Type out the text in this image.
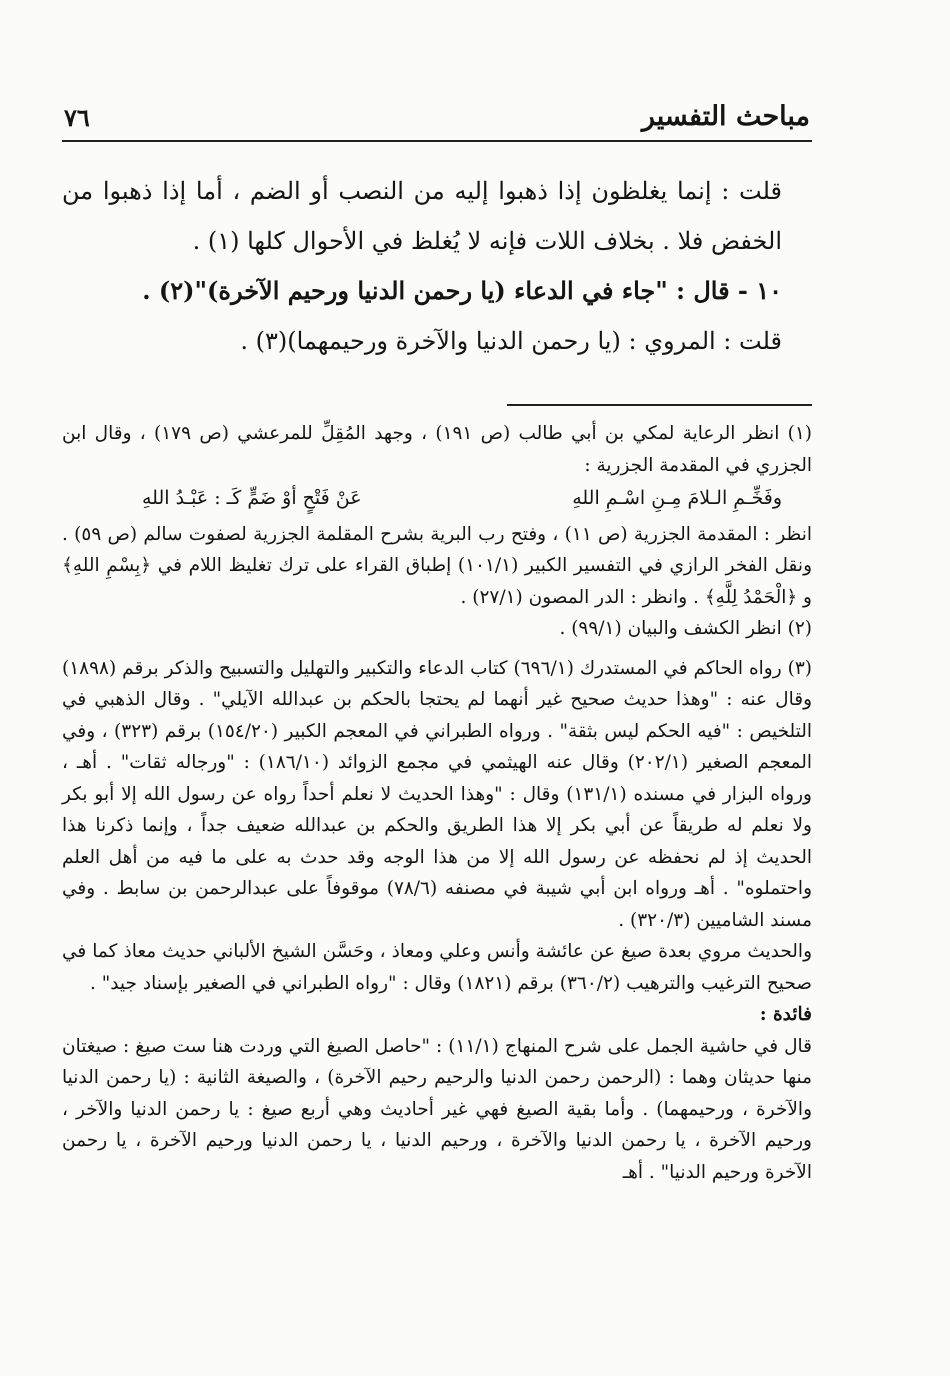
مباحث التفسير
٧٦

قلت : إنما يغلظون إذا ذهبوا إليه من النصب أو الضم ، أما إذا ذهبوا من الخفض فلا . بخلاف اللات فإنه لا يُغلظ في الأحوال كلها (١) .

١٠ - قال : "جاء في الدعاء (يا رحمن الدنيا ورحيم الآخرة)"(٢) .

قلت : المروي : (يا رحمن الدنيا والآخرة ورحيمهما)(٣) .

(١) انظر الرعاية لمكي بن أبي طالب (ص ١٩١) ، وجهد المُقِلِّ للمرعشي (ص ١٧٩) ، وقال ابن الجزري في المقدمة الجزرية :

وفَخِّـمِ الـلامَ مِـنِ اسْـمِ اللهِ
عَنْ فَتْحٍ أوْ ضَمٍّ كَـ : عَبْـدُ اللهِ

انظر : المقدمة الجزرية (ص ١١) ، وفتح رب البرية بشرح المقلمة الجزرية لصفوت سالم (ص ٥٩) . ونقل الفخر الرازي في التفسير الكبير (١٠١/١) إطباق القراء على ترك تغليظ اللام في ﴿بِسْمِ اللهِ﴾ و ﴿الْحَمْدُ لِلَّهِ﴾ . وانظر : الدر المصون (٢٧/١) .

(٢) انظر الكشف والبيان (٩٩/١) .

(٣) رواه الحاكم في المستدرك (٦٩٦/١) كتاب الدعاء والتكبير والتهليل والتسبيح والذكر برقم (١٨٩٨) وقال عنه : "وهذا حديث صحيح غير أنهما لم يحتجا بالحكم بن عبدالله الآيلي" . وقال الذهبي في التلخيص : "فيه الحكم ليس بثقة" . ورواه الطبراني في المعجم الكبير (١٥٤/٢٠) برقم (٣٢٣) ، وفي المعجم الصغير (٢٠٢/١) وقال عنه الهيثمي في مجمع الزوائد (١٨٦/١٠) : "ورجاله ثقات" . أهـ ، ورواه البزار في مسنده (١٣١/١) وقال : "وهذا الحديث لا نعلم أحداً رواه عن رسول الله إلا أبو بكر ولا نعلم له طريقاً عن أبي بكر إلا هذا الطريق والحكم بن عبدالله ضعيف جداً ، وإنما ذكرنا هذا الحديث إذ لم نحفظه عن رسول الله إلا من هذا الوجه وقد حدث به على ما فيه من أهل العلم واحتملوه" . أهـ ورواه ابن أبي شيبة في مصنفه (٧٨/٦) موقوفاً على عبدالرحمن بن سابط . وفي مسند الشاميين (٣٢٠/٣) .

والحديث مروي بعدة صيغ عن عائشة وأنس وعلي ومعاذ ، وحَسَّن الشيخ الألباني حديث معاذ كما في صحيح الترغيب والترهيب (٣٦٠/٢) برقم (١٨٢١) وقال : "رواه الطبراني في الصغير بإسناد جيد" .

فائدة :

قال في حاشية الجمل على شرح المنهاج (١١/١) : "حاصل الصيغ التي وردت هنا ست صيغ : صيغتان منها حديثان وهما : (الرحمن رحمن الدنيا والرحيم رحيم الآخرة) ، والصيغة الثانية : (يا رحمن الدنيا والآخرة ، ورحيمهما) . وأما بقية الصيغ فهي غير أحاديث وهي أربع صيغ : يا رحمن الدنيا والآخر ، ورحيم الآخرة ، يا رحمن الدنيا والآخرة ، ورحيم الدنيا ، يا رحمن الدنيا ورحيم الآخرة ، يا رحمن الآخرة ورحيم الدنيا" . أهـ
